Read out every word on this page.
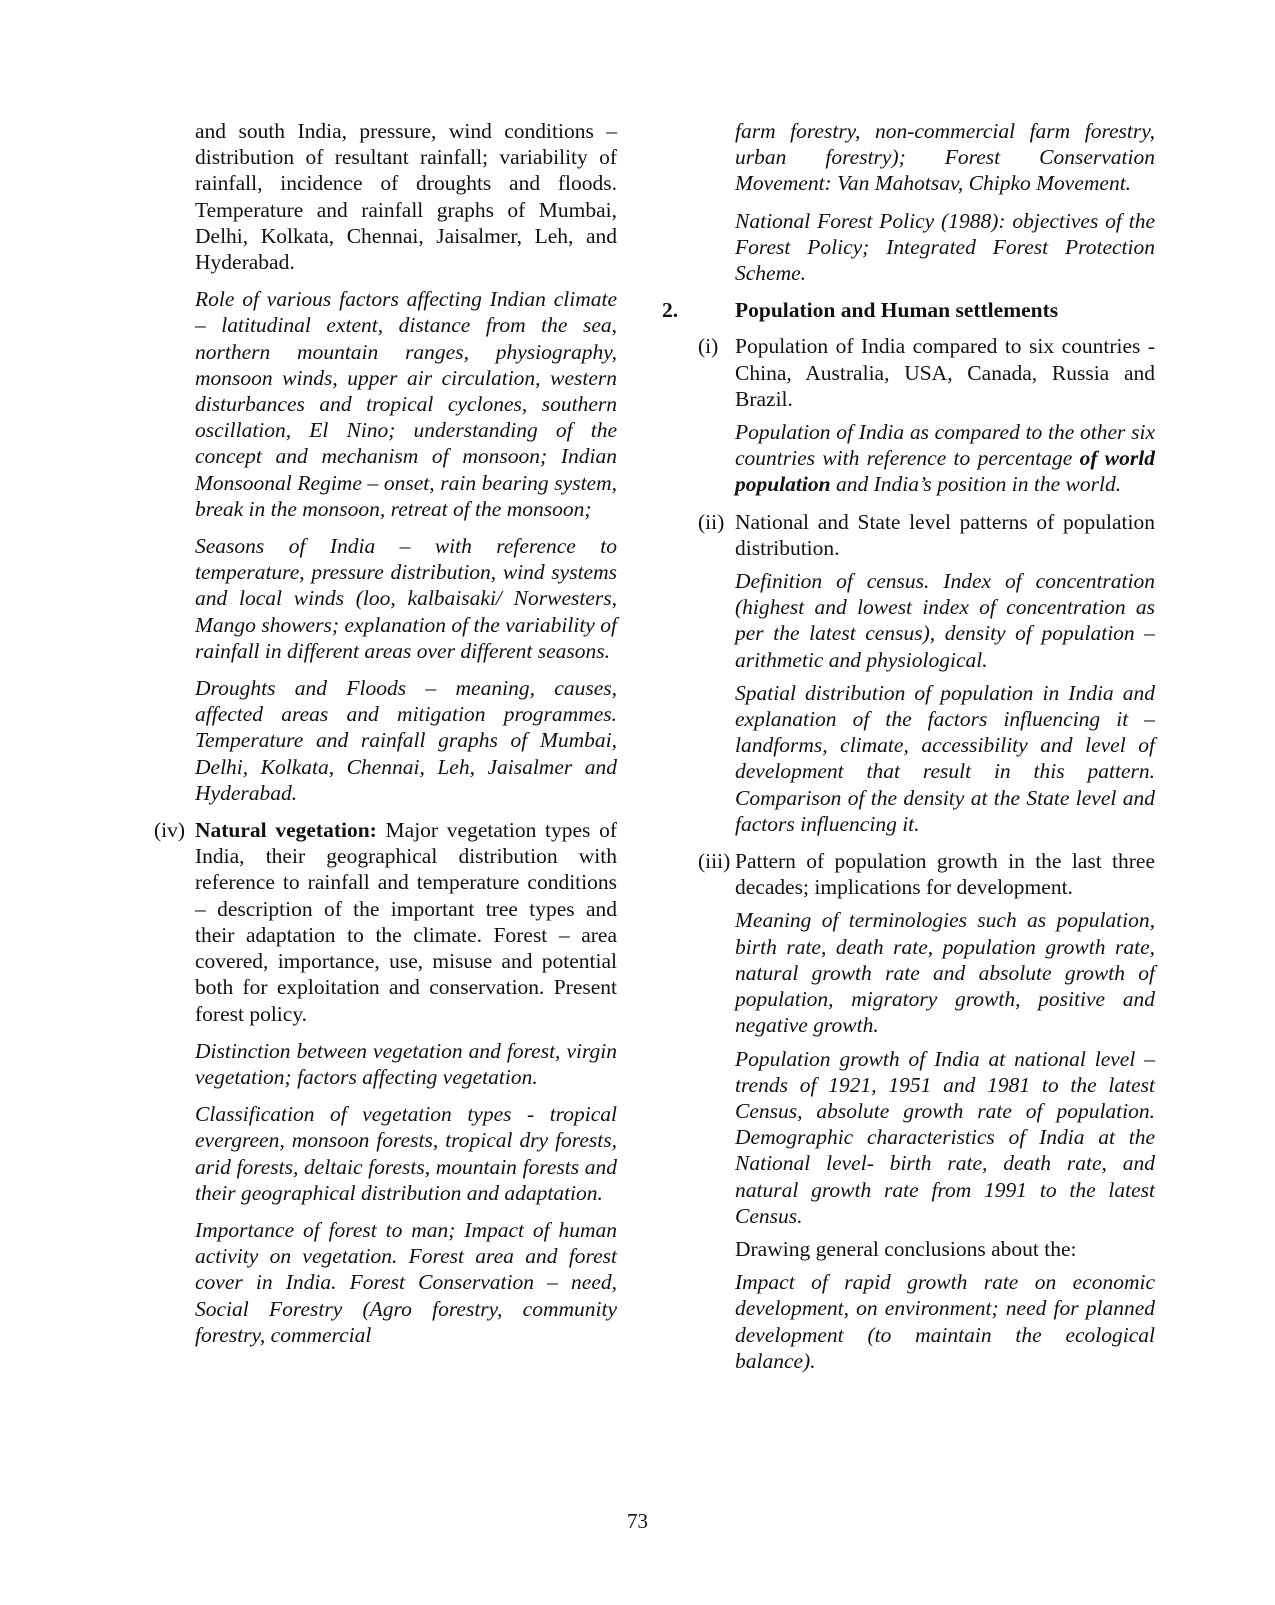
and south India, pressure, wind conditions – distribution of resultant rainfall; variability of rainfall, incidence of droughts and floods. Temperature and rainfall graphs of Mumbai, Delhi, Kolkata, Chennai, Jaisalmer, Leh, and Hyderabad.

Role of various factors affecting Indian climate – latitudinal extent, distance from the sea, northern mountain ranges, physiography, monsoon winds, upper air circulation, western disturbances and tropical cyclones, southern oscillation, El Nino; understanding of the concept and mechanism of monsoon; Indian Monsoonal Regime – onset, rain bearing system, break in the monsoon, retreat of the monsoon;

Seasons of India – with reference to temperature, pressure distribution, wind systems and local winds (loo, kalbaisaki/ Norwesters, Mango showers; explanation of the variability of rainfall in different areas over different seasons.

Droughts and Floods – meaning, causes, affected areas and mitigation programmes. Temperature and rainfall graphs of Mumbai, Delhi, Kolkata, Chennai, Leh, Jaisalmer and Hyderabad.

(iv) Natural vegetation: Major vegetation types of India, their geographical distribution with reference to rainfall and temperature conditions – description of the important tree types and their adaptation to the climate. Forest – area covered, importance, use, misuse and potential both for exploitation and conservation. Present forest policy.

Distinction between vegetation and forest, virgin vegetation; factors affecting vegetation.

Classification of vegetation types - tropical evergreen, monsoon forests, tropical dry forests, arid forests, deltaic forests, mountain forests and their geographical distribution and adaptation.

Importance of forest to man; Impact of human activity on vegetation. Forest area and forest cover in India. Forest Conservation – need, Social Forestry (Agro forestry, community forestry, commercial

farm forestry, non-commercial farm forestry, urban forestry); Forest Conservation Movement: Van Mahotsav, Chipko Movement.

National Forest Policy (1988): objectives of the Forest Policy; Integrated Forest Protection Scheme.

2.	Population and Human settlements
(i) Population of India compared to six countries - China, Australia, USA, Canada, Russia and Brazil.

Population of India as compared to the other six countries with reference to percentage of world population and India’s position in the world.

(ii) National and State level patterns of population distribution.

Definition of census. Index of concentration (highest and lowest index of concentration as per the latest census), density of population – arithmetic and physiological.

Spatial distribution of population in India and explanation of the factors influencing it – landforms, climate, accessibility and level of development that result in this pattern. Comparison of the density at the State level and factors influencing it.

(iii) Pattern of population growth in the last three decades; implications for development.

Meaning of terminologies such as population, birth rate, death rate, population growth rate, natural growth rate and absolute growth of population, migratory growth, positive and negative growth.

Population growth of India at national level – trends of 1921, 1951 and 1981 to the latest Census, absolute growth rate of population. Demographic characteristics of India at the National level- birth rate, death rate, and natural growth rate from 1991 to the latest Census.

Drawing general conclusions about the:

Impact of rapid growth rate on economic development, on environment; need for planned development (to maintain the ecological balance).

73
